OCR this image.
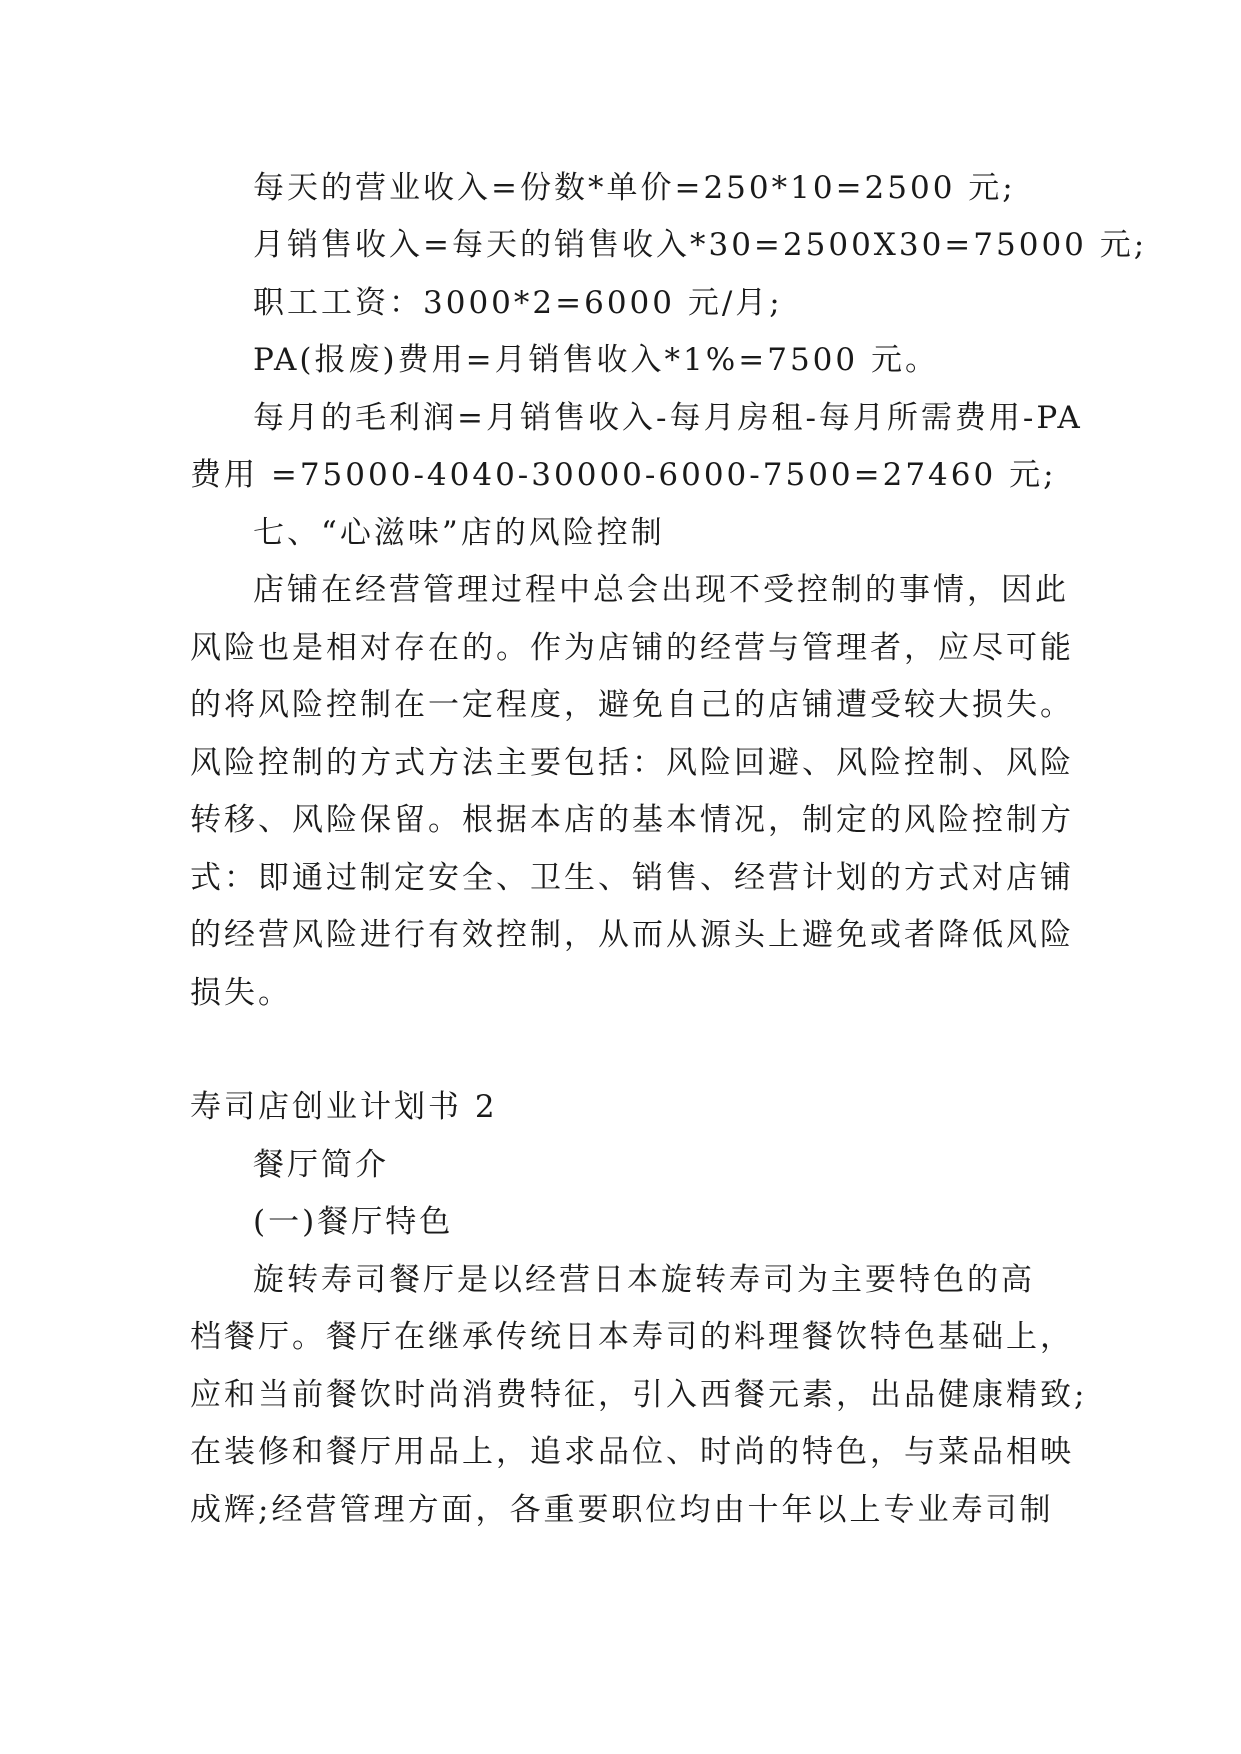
每天的营业收入=份数*单价=250*10=2500 元;
月销售收入=每天的销售收入*30=2500X30=75000 元;
职工工资：3000*2=6000 元/月;
PA(报废)费用=月销售收入*1%=7500 元。
每月的毛利润=月销售收入-每月房租-每月所需费用-PA
费用 =75000-4040-30000-6000-7500=27460 元;
七、“心滋味”店的风险控制
店铺在经营管理过程中总会出现不受控制的事情，因此
风险也是相对存在的。作为店铺的经营与管理者，应尽可能
的将风险控制在一定程度，避免自己的店铺遭受较大损失。
风险控制的方式方法主要包括：风险回避、风险控制、风险
转移、风险保留。根据本店的基本情况，制定的风险控制方
式：即通过制定安全、卫生、销售、经营计划的方式对店铺
的经营风险进行有效控制，从而从源头上避免或者降低风险
损失。
寿司店创业计划书 2
餐厅简介
(一)餐厅特色
旋转寿司餐厅是以经营日本旋转寿司为主要特色的高
档餐厅。餐厅在继承传统日本寿司的料理餐饮特色基础上，
应和当前餐饮时尚消费特征，引入西餐元素，出品健康精致;
在装修和餐厅用品上，追求品位、时尚的特色，与菜品相映
成辉;经营管理方面，各重要职位均由十年以上专业寿司制
